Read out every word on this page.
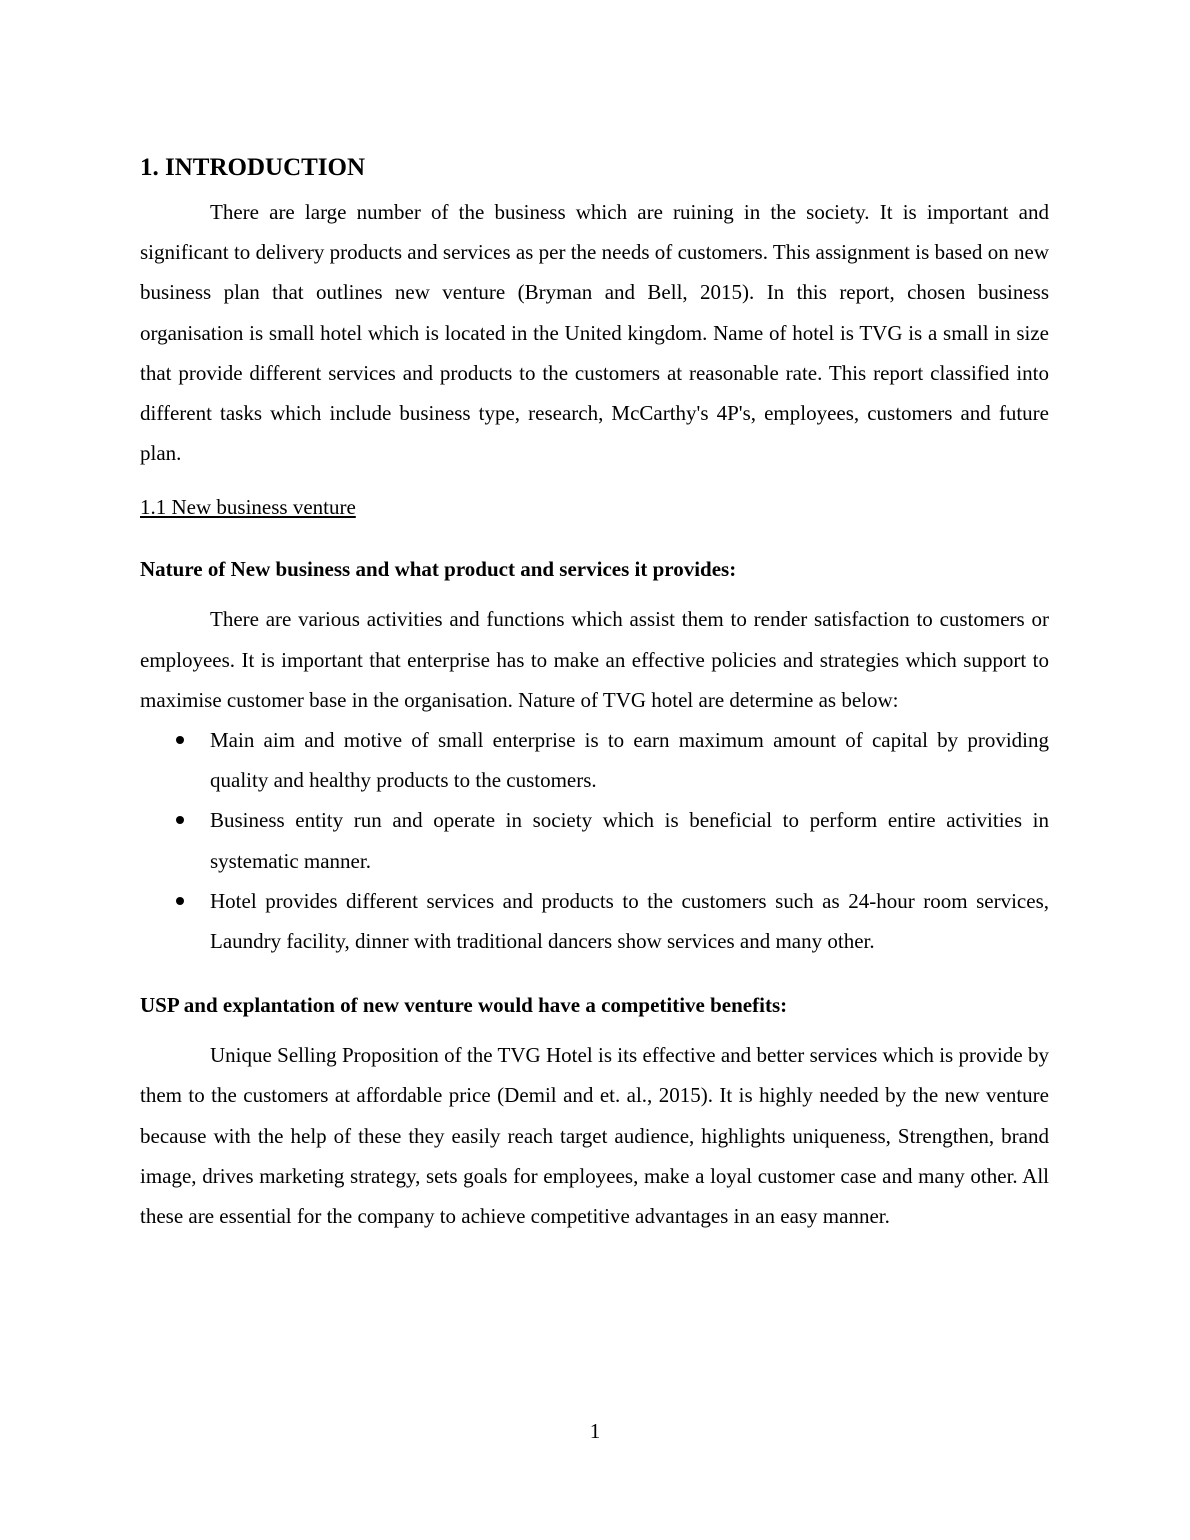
1. INTRODUCTION

There are large number of the business which are ruining in the society. It is important and significant to delivery products and services as per the needs of customers. This assignment is based on new business plan that outlines new venture (Bryman and Bell, 2015). In this report, chosen business organisation is small hotel which is located in the United kingdom. Name of hotel is TVG is a small in size that provide different services and products to the customers at reasonable rate. This report classified into different tasks which include business type, research, McCarthy's 4P's, employees, customers and future plan.

1.1 New business venture
Nature of New business and what product and services it provides:

There are various activities and functions which assist them to render satisfaction to customers or employees. It is important that enterprise has to make an effective policies and strategies which support to maximise customer base in the organisation. Nature of TVG hotel are determine as below:

Main aim and motive of small enterprise is to earn maximum amount of capital by providing quality and healthy products to the customers.
Business entity run and operate in society which is beneficial to perform entire activities in systematic manner.
Hotel provides different services and products to the customers such as 24-hour room services, Laundry facility, dinner with traditional dancers show services and many other.
USP and explantation of new venture would have a competitive benefits:

Unique Selling Proposition of the TVG Hotel is its effective and better services which is provide by them to the customers at affordable price (Demil and et. al., 2015). It is highly needed by the new venture because with the help of these they easily reach target audience, highlights uniqueness, Strengthen, brand image, drives marketing strategy, sets goals for employees, make a loyal customer case and many other. All these are essential for the company to achieve competitive advantages in an easy manner.

1
